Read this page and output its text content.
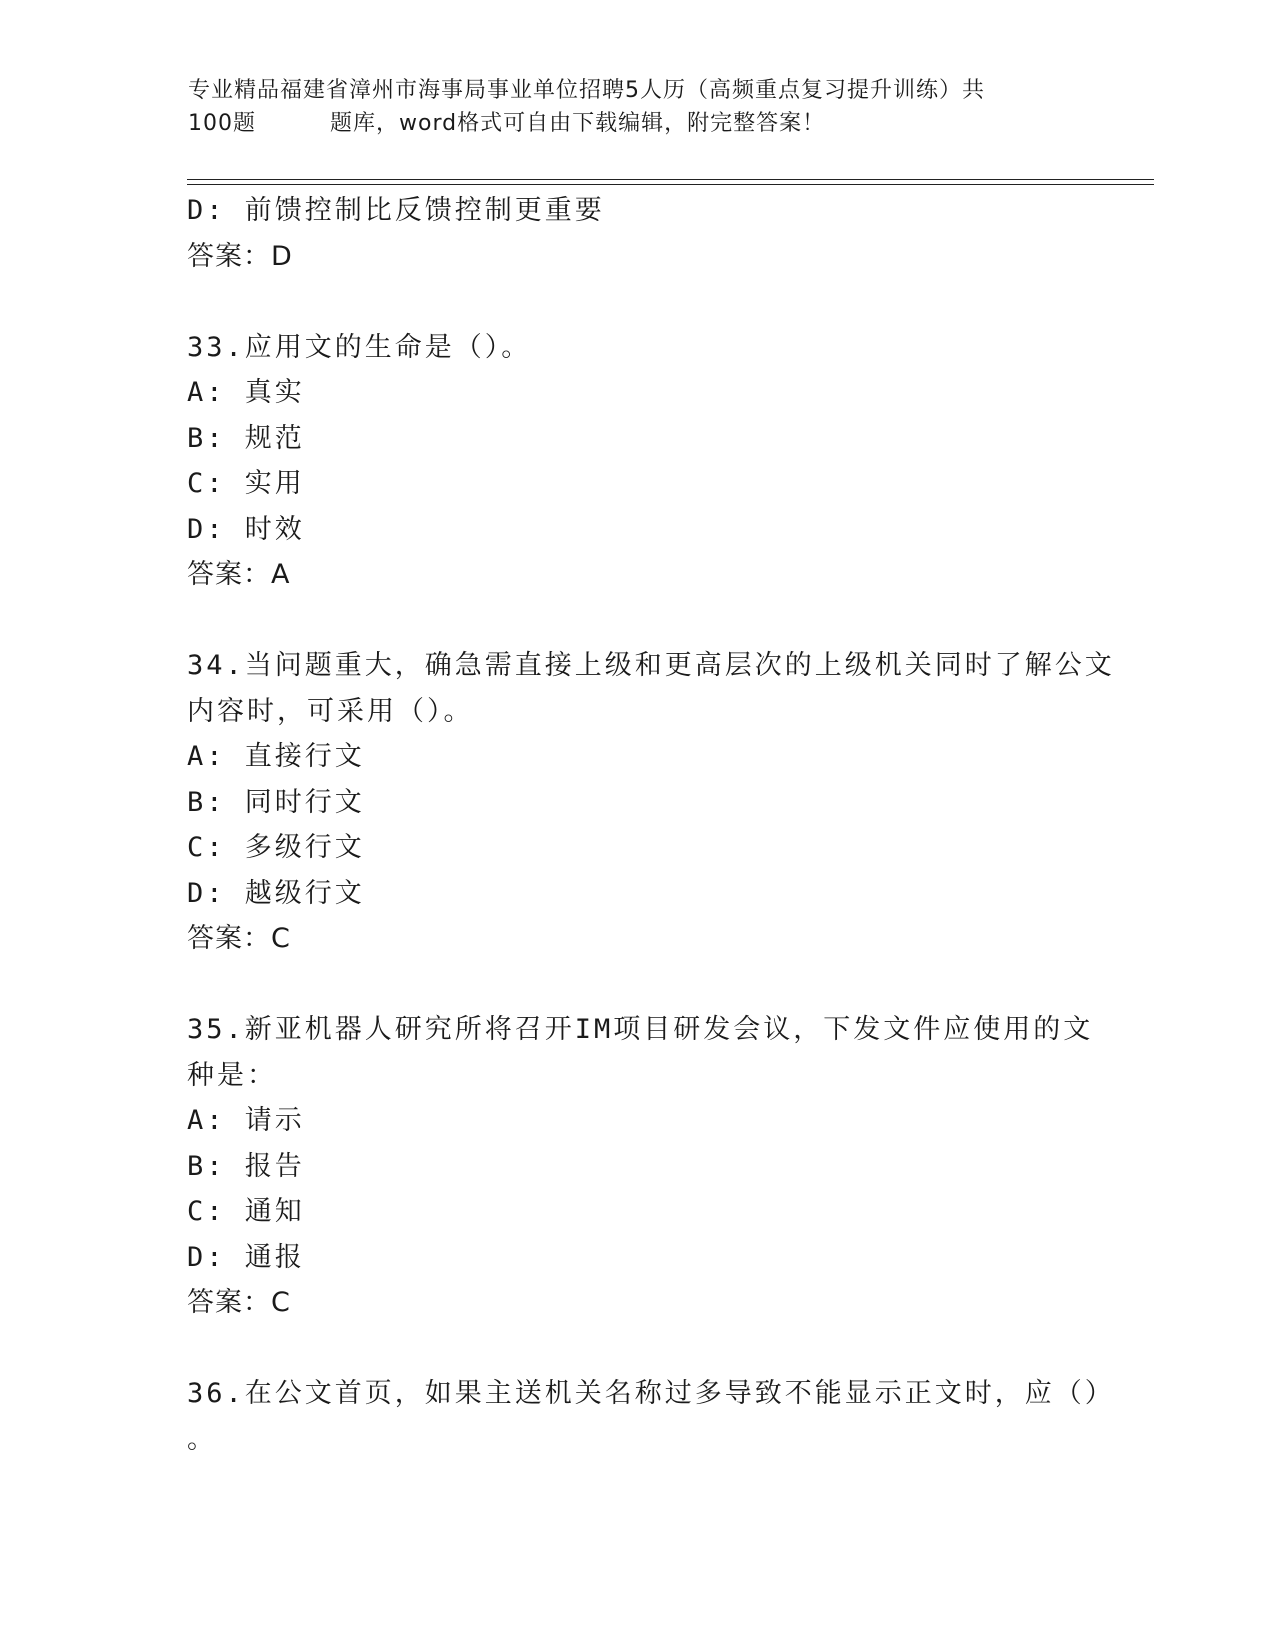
专业精品福建省漳州市海事局事业单位招聘5人历（高频重点复习提升训练）共
100题	题库，word格式可自由下载编辑，附完整答案！
D: 前馈控制比反馈控制更重要
答案：D
33.应用文的生命是（）。
A: 真实
B: 规范
C: 实用
D: 时效
答案：A
34.当问题重大，确急需直接上级和更高层次的上级机关同时了解公文
内容时，可采用（）。
A: 直接行文
B: 同时行文
C: 多级行文
D: 越级行文
答案：C
35.新亚机器人研究所将召开IM项目研发会议，下发文件应使用的文
种是：
A: 请示
B: 报告
C: 通知
D: 通报
答案：C
36.在公文首页，如果主送机关名称过多导致不能显示正文时，应（）
。
